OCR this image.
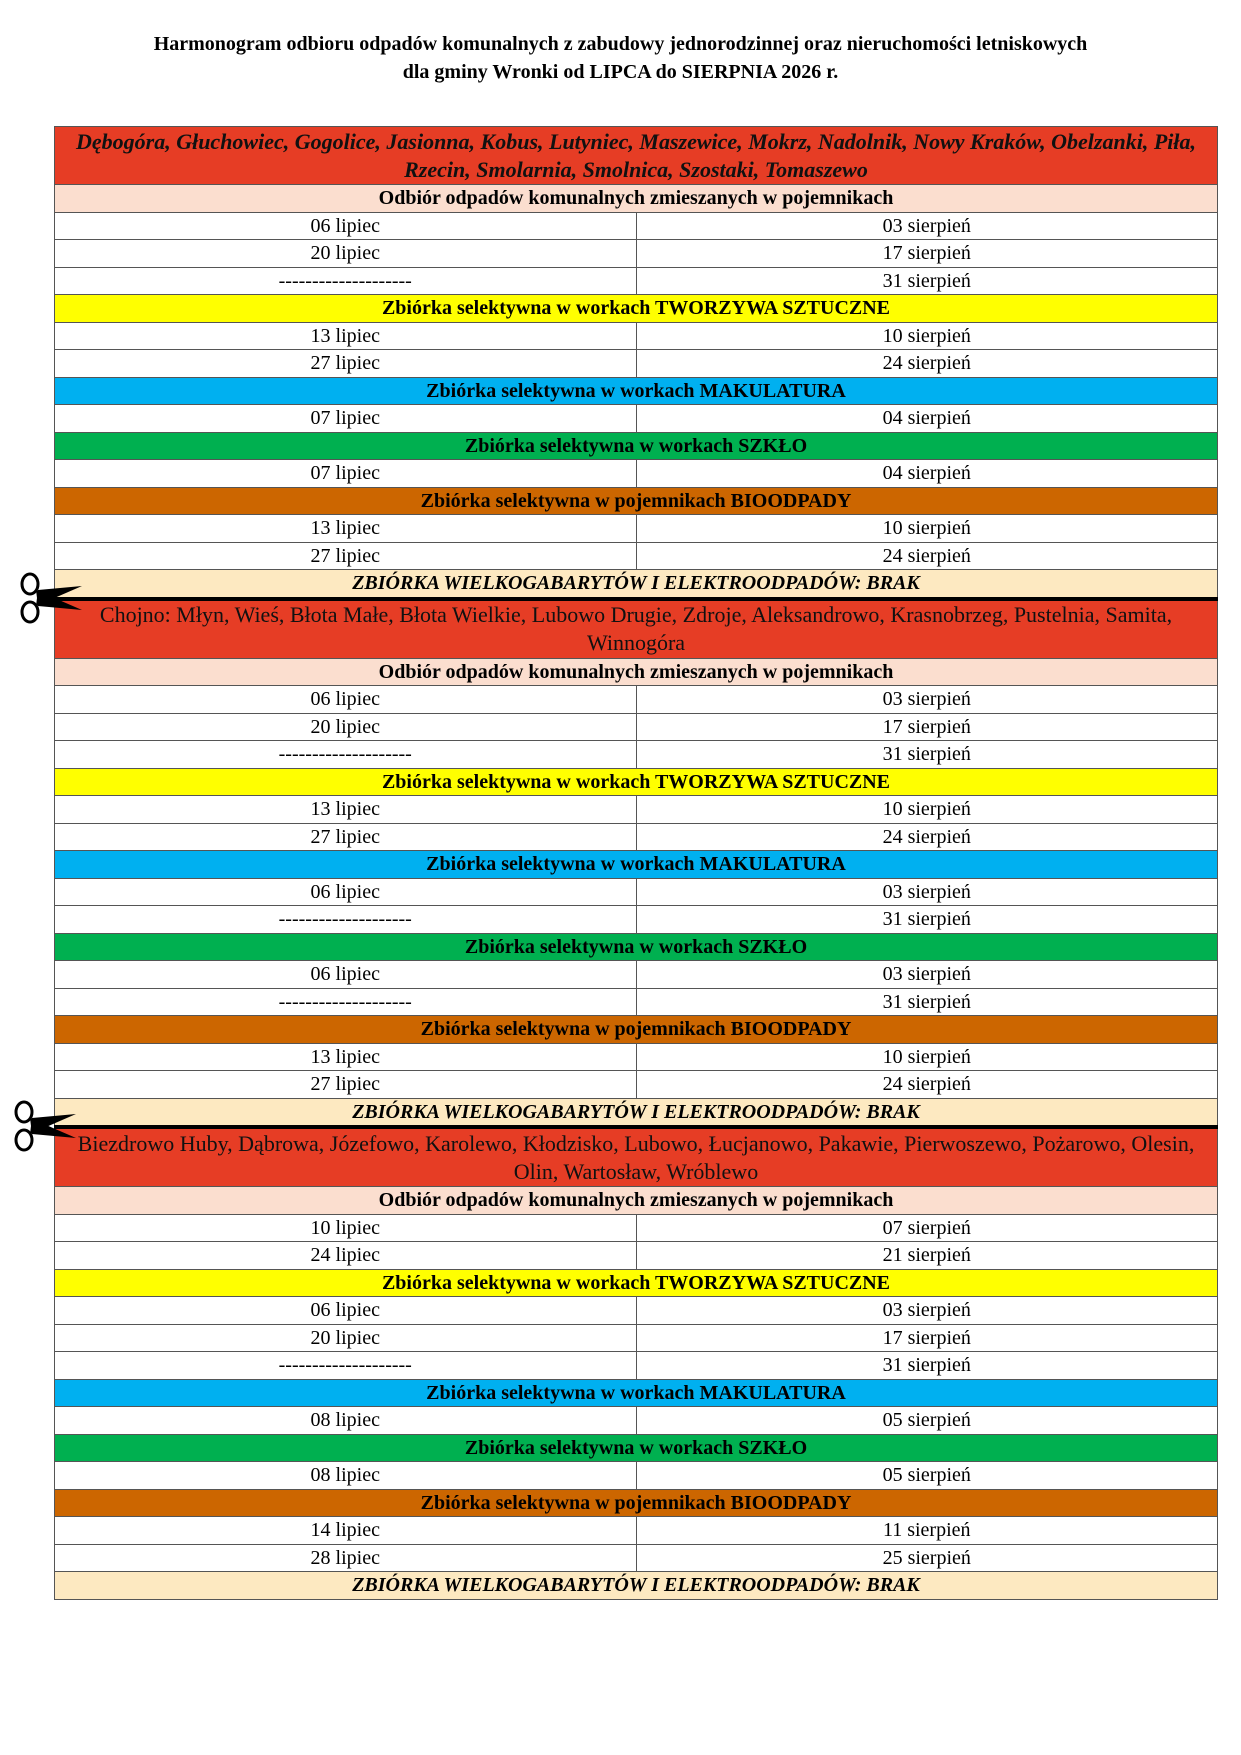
Harmonogram odbioru odpadów komunalnych z zabudowy jednorodzinnej oraz nieruchomości letniskowych
dla gminy Wronki od LIPCA do SIERPNIA 2026 r.
Dębogóra, Głuchowiec, Gogolice, Jasionna, Kobus, Lutyniec, Maszewice, Mokrz, Nadolnik, Nowy Kraków, Obelzanki, Piła, Rzecin, Smolarnia, Smolnica, Szostaki, Tomaszewo	
Odbiór odpadów komunalnych zmieszanych w pojemnikach	
06 lipiec	03 sierpień
20 lipiec	17 sierpień
--------------------	31 sierpień
Zbiórka selektywna w workach TWORZYWA SZTUCZNE	
13 lipiec	10 sierpień
27 lipiec	24 sierpień
Zbiórka selektywna w workach MAKULATURA	
07 lipiec	04 sierpień
Zbiórka selektywna w workach SZKŁO	
07 lipiec	04 sierpień
Zbiórka selektywna w pojemnikach BIOODPADY	
13 lipiec	10 sierpień
27 lipiec	24 sierpień
ZBIÓRKA WIELKOGABARYTÓW I ELEKTROODPADÓW: BRAK	
Chojno: Młyn, Wieś, Błota Małe, Błota Wielkie, Lubowo Drugie, Zdroje, Aleksandrowo, Krasnobrzeg, Pustelnia, Samita, Winnogóra	
Odbiór odpadów komunalnych zmieszanych w pojemnikach	
06 lipiec	03 sierpień
20 lipiec	17 sierpień
--------------------	31 sierpień
Zbiórka selektywna w workach TWORZYWA SZTUCZNE	
13 lipiec	10 sierpień
27 lipiec	24 sierpień
Zbiórka selektywna w workach MAKULATURA	
06 lipiec	03 sierpień
--------------------	31 sierpień
Zbiórka selektywna w workach SZKŁO	
06 lipiec	03 sierpień
--------------------	31 sierpień
Zbiórka selektywna w pojemnikach BIOODPADY	
13 lipiec	10 sierpień
27 lipiec	24 sierpień
ZBIÓRKA WIELKOGABARYTÓW I ELEKTROODPADÓW: BRAK	
Biezdrowo Huby, Dąbrowa, Józefowo, Karolewo, Kłodzisko, Lubowo, Łucjanowo, Pakawie, Pierwoszewo, Pożarowo, Olesin, Olin, Wartosław, Wróblewo	
Odbiór odpadów komunalnych zmieszanych w pojemnikach	
10 lipiec	07 sierpień
24 lipiec	21 sierpień
Zbiórka selektywna w workach TWORZYWA SZTUCZNE	
06 lipiec	03 sierpień
20 lipiec	17 sierpień
--------------------	31 sierpień
Zbiórka selektywna w workach MAKULATURA	
08 lipiec	05 sierpień
Zbiórka selektywna w workach SZKŁO	
08 lipiec	05 sierpień
Zbiórka selektywna w pojemnikach BIOODPADY	
14 lipiec	11 sierpień
28 lipiec	25 sierpień
ZBIÓRKA WIELKOGABARYTÓW I ELEKTROODPADÓW: BRAK	
